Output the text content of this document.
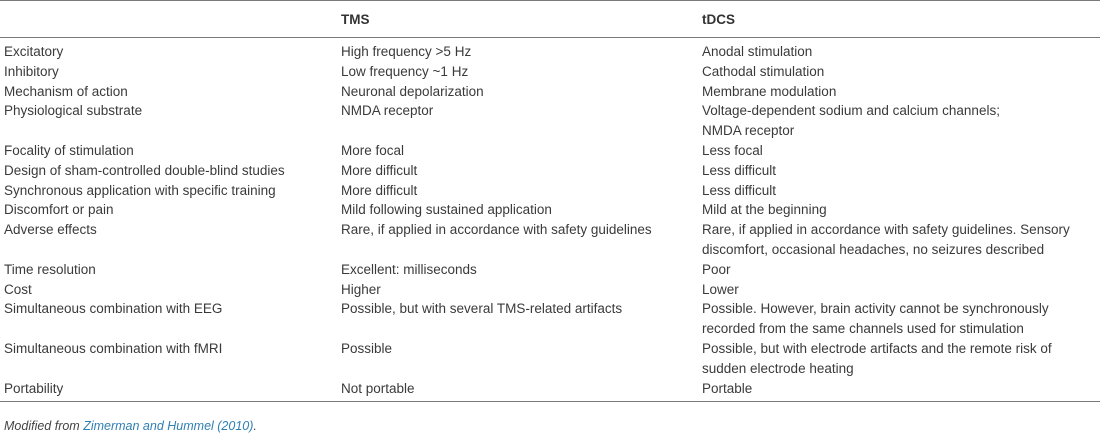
	TMS	tDCS
Excitatory	High frequency >5 Hz	Anodal stimulation

Inhibitory	Low frequency ~1 Hz	Cathodal stimulation

Mechanism of action	Neuronal depolarization	Membrane modulation

Physiological substrate	NMDA receptor	Voltage-dependent sodium and calcium channels;
NMDA receptor

Focality of stimulation	More focal	Less focal

Design of sham-controlled double-blind studies	More difficult	Less difficult

Synchronous application with specific training	More difficult	Less difficult

Discomfort or pain	Mild following sustained application	Mild at the beginning

Adverse effects	Rare, if applied in accordance with safety guidelines	Rare, if applied in accordance with safety guidelines. Sensory
discomfort, occasional headaches, no seizures described

Time resolution	Excellent: milliseconds	Poor

Cost	Higher	Lower

Simultaneous combination with EEG	Possible, but with several TMS-related artifacts	Possible. However, brain activity cannot be synchronously
recorded from the same channels used for stimulation

Simultaneous combination with fMRI	Possible	Possible, but with electrode artifacts and the remote risk of
sudden electrode heating

Portability	Not portable	Portable
Modified from Zimerman and Hummel (2010).
